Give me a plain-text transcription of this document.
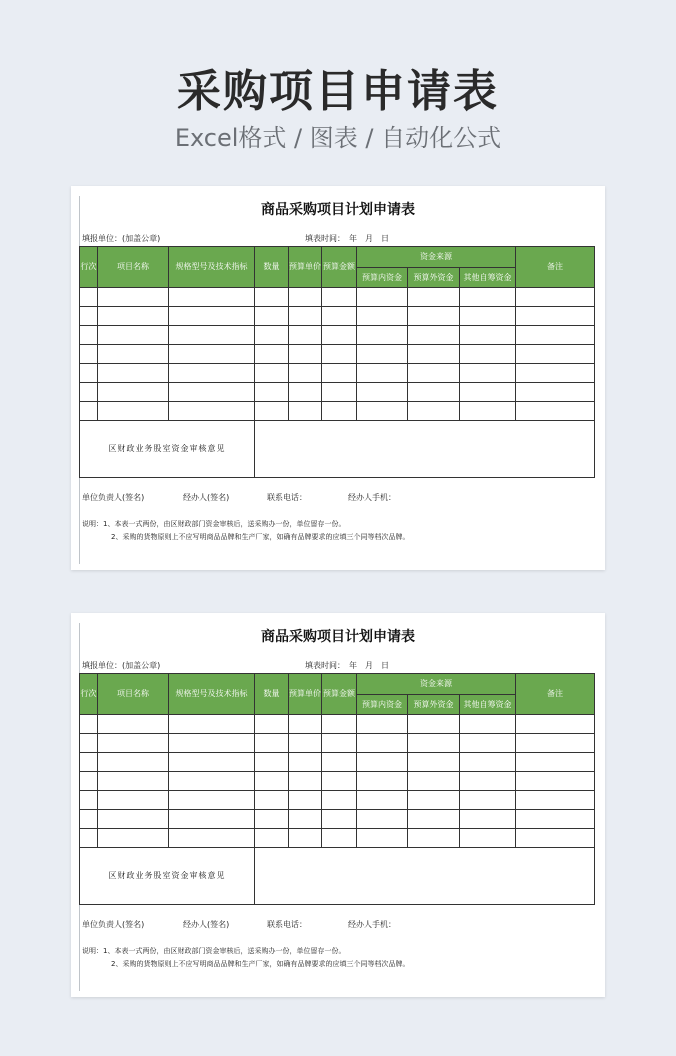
采购项目申请表
Excel格式 / 图表 / 自动化公式
商品采购项目计划申请表
填报单位：(加盖公章)	填表时间：　年　月　日
行次	项目名称	规格型号及技术指标	数量	预算单价	预算金额	资金来源			备注
						预算内资金	预算外资金	其他自筹资金	

区财政业务股室资金审核意见									
单位负责人(签名)	经办人(签名)	联系电话：	经办人手机：
说明：1、本表一式两份，由区财政部门资金审核后，送采购办一份，单位留存一份。
2、采购的货物原则上不应写明商品品牌和生产厂家，如确有品牌要求的应填三个同等档次品牌。
商品采购项目计划申请表
填报单位：(加盖公章)	填表时间：　年　月　日
行次	项目名称	规格型号及技术指标	数量	预算单价	预算金额	资金来源			备注
						预算内资金	预算外资金	其他自筹资金	

区财政业务股室资金审核意见									
单位负责人(签名)	经办人(签名)	联系电话：	经办人手机：
说明：1、本表一式两份，由区财政部门资金审核后，送采购办一份，单位留存一份。
2、采购的货物原则上不应写明商品品牌和生产厂家，如确有品牌要求的应填三个同等档次品牌。
